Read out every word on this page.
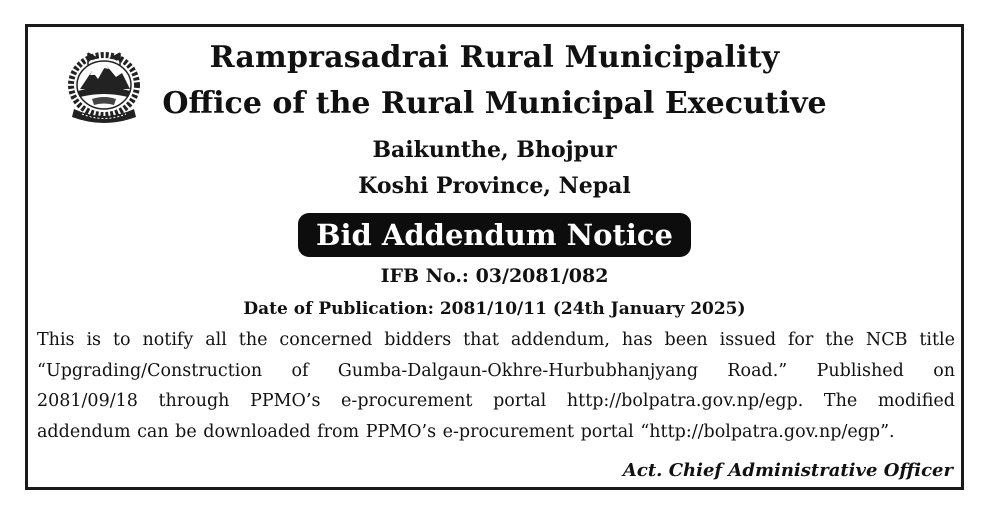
Ramprasadrai Rural Municipality
Office of the Rural Municipal Executive
Baikunthe, Bhojpur
Koshi Province, Nepal
Bid Addendum Notice
IFB No.: 03/2081/082
Date of Publication: 2081/10/11 (24th January 2025)
This is to notify all the concerned bidders that addendum, has been issued for the NCB title
“Upgrading/Construction of Gumba-Dalgaun-Okhre-Hurbubhanjyang Road.” Published on
2081/09/18 through PPMO’s e-procurement portal http://bolpatra.gov.np/egp. The modified
addendum can be downloaded from PPMO’s e-procurement portal “http://bolpatra.gov.np/egp”.
Act. Chief Administrative Officer
